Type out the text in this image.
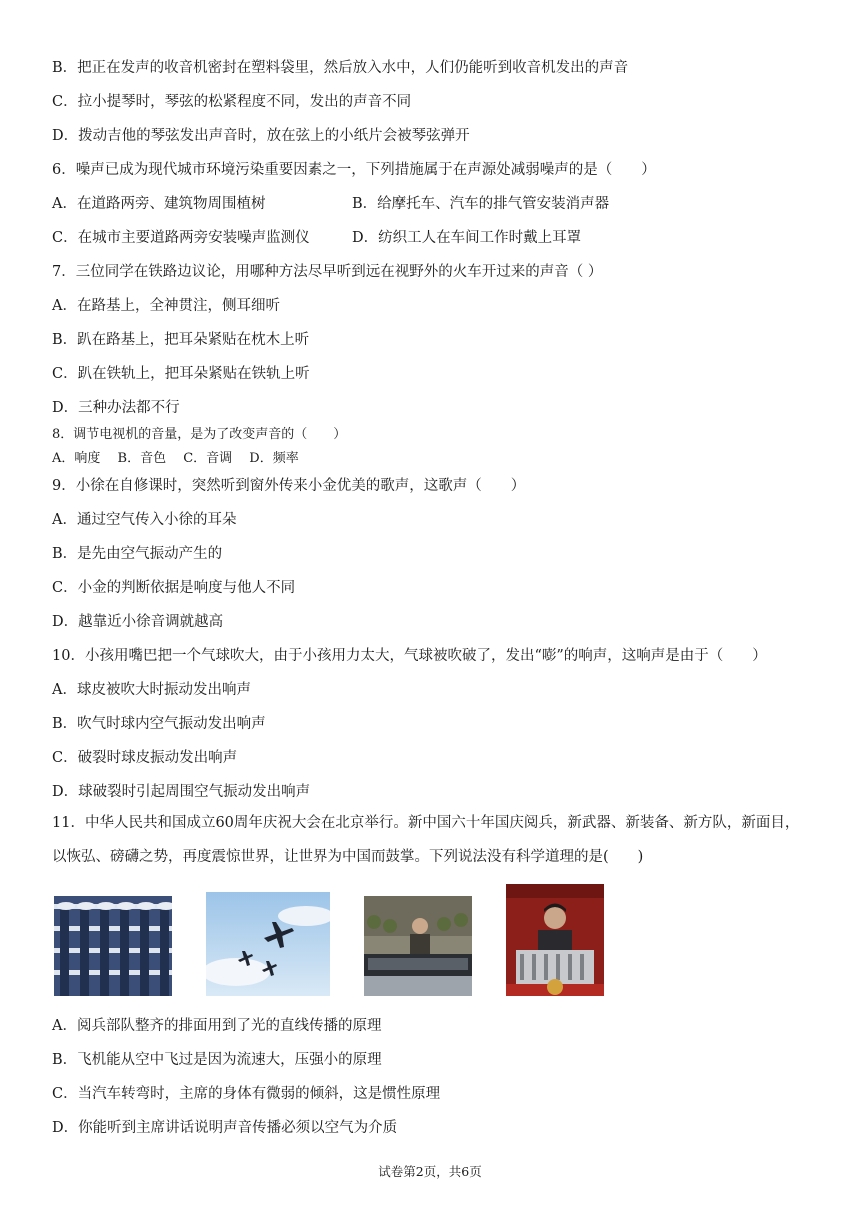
B．把正在发声的收音机密封在塑料袋里，然后放入水中，人们仍能听到收音机发出的声音
C．拉小提琴时，琴弦的松紧程度不同，发出的声音不同
D．拨动吉他的琴弦发出声音时，放在弦上的小纸片会被琴弦弹开
6．噪声已成为现代城市环境污染重要因素之一，下列措施属于在声源处减弱噪声的是（　　）
A．在道路两旁、建筑物周围植树	B．给摩托车、汽车的排气管安装消声器
C．在城市主要道路两旁安装噪声监测仪	D．纺织工人在车间工作时戴上耳罩
7．三位同学在铁路边议论，用哪种方法尽早听到远在视野外的火车开过来的声音（ ）
A．在路基上，全神贯注，侧耳细听
B．趴在路基上，把耳朵紧贴在枕木上听
C．趴在铁轨上，把耳朵紧贴在铁轨上听
D．三种办法都不行
8．调节电视机的音量，是为了改变声音的（　　）
A．响度　 B．音色　 C．音调　 D．频率
9．小徐在自修课时，突然听到窗外传来小金优美的歌声，这歌声（　　）
A．通过空气传入小徐的耳朵
B．是先由空气振动产生的
C．小金的判断依据是响度与他人不同
D．越靠近小徐音调就越高
10．小孩用嘴巴把一个气球吹大，由于小孩用力太大，气球被吹破了，发出“嘭”的响声，这响声是由于（　　）
A．球皮被吹大时振动发出响声
B．吹气时球内空气振动发出响声
C．破裂时球皮振动发出响声
D．球破裂时引起周围空气振动发出响声
11．中华人民共和国成立60周年庆祝大会在北京举行。新中国六十年国庆阅兵，新武器、新装备、新方队，新面目，以恢弘、磅礴之势，再度震惊世界，让世界为中国而鼓掌。下列说法没有科学道理的是(　　)
A．阅兵部队整齐的排面用到了光的直线传播的原理
B．飞机能从空中飞过是因为流速大，压强小的原理
C．当汽车转弯时，主席的身体有微弱的倾斜，这是惯性原理
D．你能听到主席讲话说明声音传播必须以空气为介质
试卷第2页，共6页
